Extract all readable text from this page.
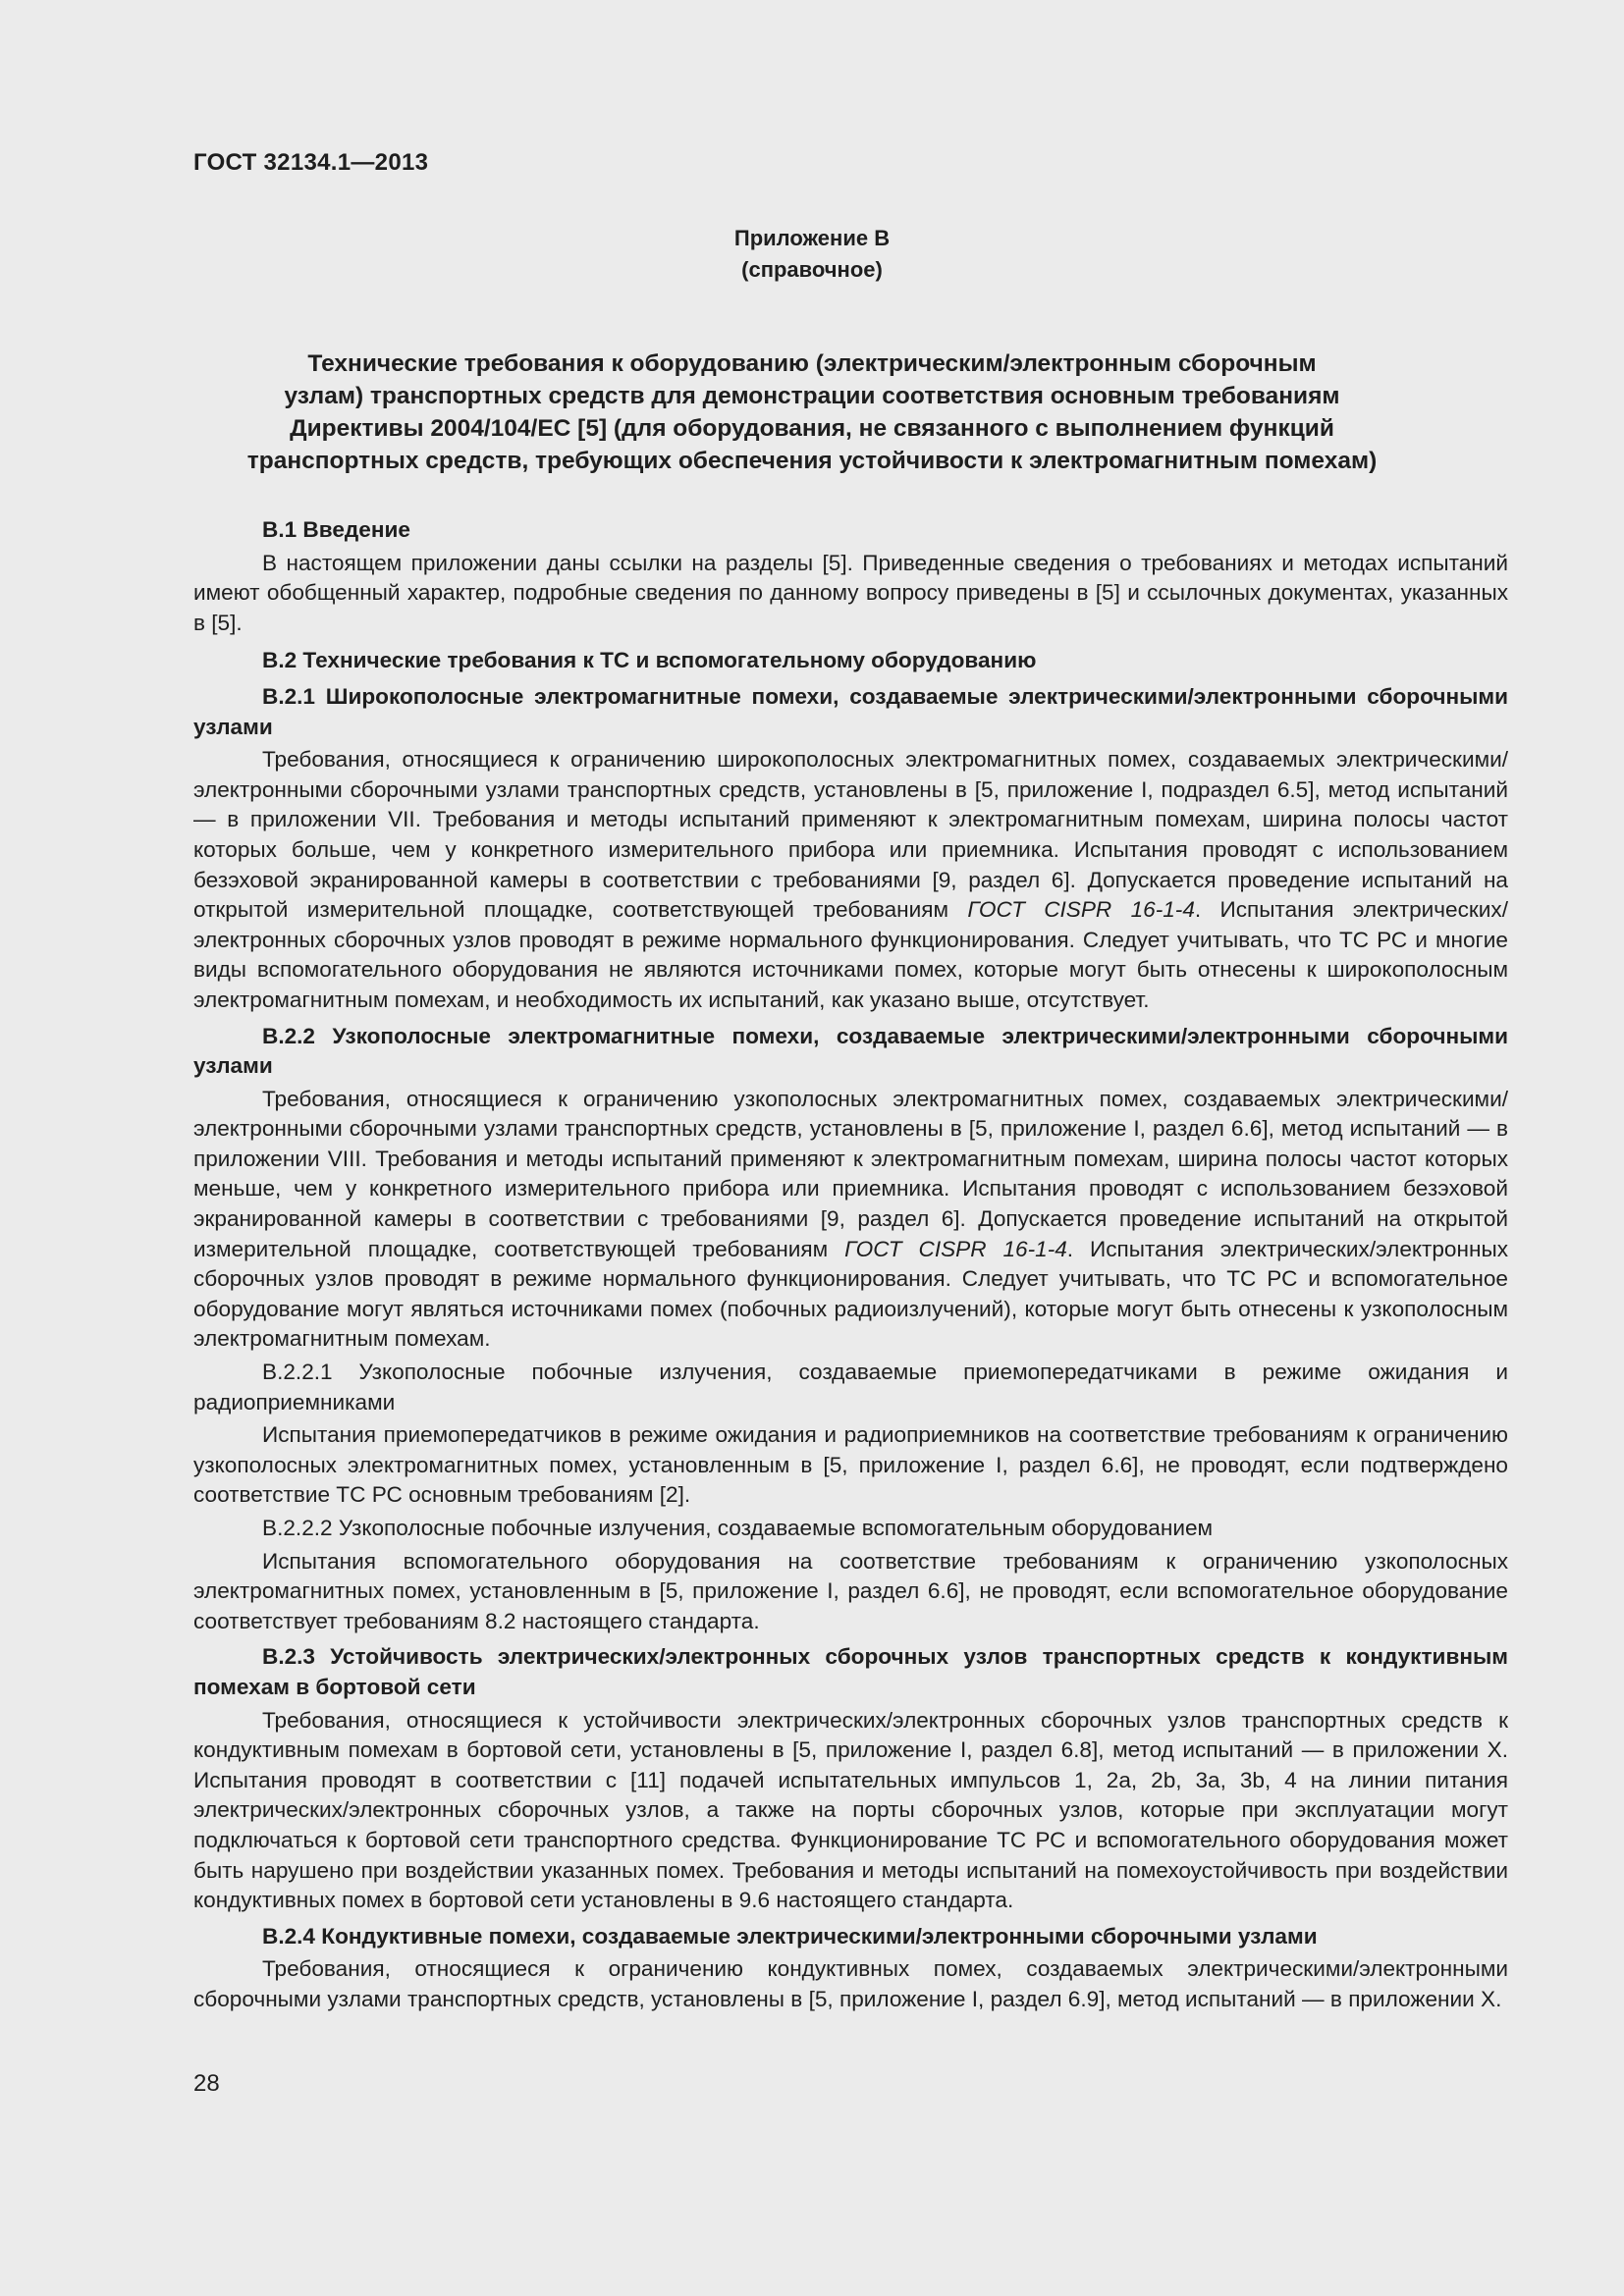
ГОСТ 32134.1—2013
Приложение В
(справочное)
Технические требования к оборудованию (электрическим/электронным сборочным
узлам) транспортных средств для демонстрации соответствия основным требованиям
Директивы 2004/104/ЕС [5] (для оборудования, не связанного с выполнением функций
транспортных средств, требующих обеспечения устойчивости к электромагнитным помехам)

В.1 Введение

В настоящем приложении даны ссылки на разделы [5]. Приведенные сведения о требованиях и методах испытаний имеют обобщенный характер, подробные сведения по данному вопросу приведены в [5] и ссылочных документах, указанных в [5].

В.2 Технические требования к ТС и вспомогательному оборудованию

В.2.1 Широкополосные электромагнитные помехи, создаваемые электрическими/электронными сборочными узлами

Требования, относящиеся к ограничению широкополосных электромагнитных помех, создаваемых электрическими/электронными сборочными узлами транспортных средств, установлены в [5, приложение I, подраздел 6.5], метод испытаний — в приложении VII. Требования и методы испытаний применяют к электромагнитным помехам, ширина полосы частот которых больше, чем у конкретного измерительного прибора или приемника. Испытания проводят с использованием безэховой экранированной камеры в соответствии с требованиями [9, раздел 6]. Допускается проведение испытаний на открытой измерительной площадке, соответствующей требованиям ГОСТ CISPR 16-1-4. Испытания электрических/электронных сборочных узлов проводят в режиме нормального функционирования. Следует учитывать, что ТС РС и многие виды вспомогательного оборудования не являются источниками помех, которые могут быть отнесены к широкополосным электромагнитным помехам, и необходимость их испытаний, как указано выше, отсутствует.

В.2.2 Узкополосные электромагнитные помехи, создаваемые электрическими/электронными сборочными узлами

Требования, относящиеся к ограничению узкополосных электромагнитных помех, создаваемых электрическими/электронными сборочными узлами транспортных средств, установлены в [5, приложение I, раздел 6.6], метод испытаний — в приложении VIII. Требования и методы испытаний применяют к электромагнитным помехам, ширина полосы частот которых меньше, чем у конкретного измерительного прибора или приемника. Испытания проводят с использованием безэховой экранированной камеры в соответствии с требованиями [9, раздел 6]. Допускается проведение испытаний на открытой измерительной площадке, соответствующей требованиям ГОСТ CISPR 16-1-4. Испытания электрических/электронных сборочных узлов проводят в режиме нормального функционирования. Следует учитывать, что ТС РС и вспомогательное оборудование могут являться источниками помех (побочных радиоизлучений), которые могут быть отнесены к узкополосным электромагнитным помехам.

В.2.2.1 Узкополосные побочные излучения, создаваемые приемопередатчиками в режиме ожидания и радиоприемниками

Испытания приемопередатчиков в режиме ожидания и радиоприемников на соответствие требованиям к ограничению узкополосных электромагнитных помех, установленным в [5, приложение I, раздел 6.6], не проводят, если подтверждено соответствие ТС РС основным требованиям [2].

В.2.2.2 Узкополосные побочные излучения, создаваемые вспомогательным оборудованием

Испытания вспомогательного оборудования на соответствие требованиям к ограничению узкополосных электромагнитных помех, установленным в [5, приложение I, раздел 6.6], не проводят, если вспомогательное оборудование соответствует требованиям 8.2 настоящего стандарта.

В.2.3 Устойчивость электрических/электронных сборочных узлов транспортных средств к кондуктивным помехам в бортовой сети

Требования, относящиеся к устойчивости электрических/электронных сборочных узлов транспортных средств к кондуктивным помехам в бортовой сети, установлены в [5, приложение I, раздел 6.8], метод испытаний — в приложении X. Испытания проводят в соответствии с [11] подачей испытательных импульсов 1, 2a, 2b, 3a, 3b, 4 на линии питания электрических/электронных сборочных узлов, а также на порты сборочных узлов, которые при эксплуатации могут подключаться к бортовой сети транспортного средства. Функционирование ТС РС и вспомогательного оборудования может быть нарушено при воздействии указанных помех. Требования и методы испытаний на помехоустойчивость при воздействии кондуктивных помех в бортовой сети установлены в 9.6 настоящего стандарта.

В.2.4 Кондуктивные помехи, создаваемые электрическими/электронными сборочными узлами

Требования, относящиеся к ограничению кондуктивных помех, создаваемых электрическими/электронными сборочными узлами транспортных средств, установлены в [5, приложение I, раздел 6.9], метод испытаний — в приложении X.

28
